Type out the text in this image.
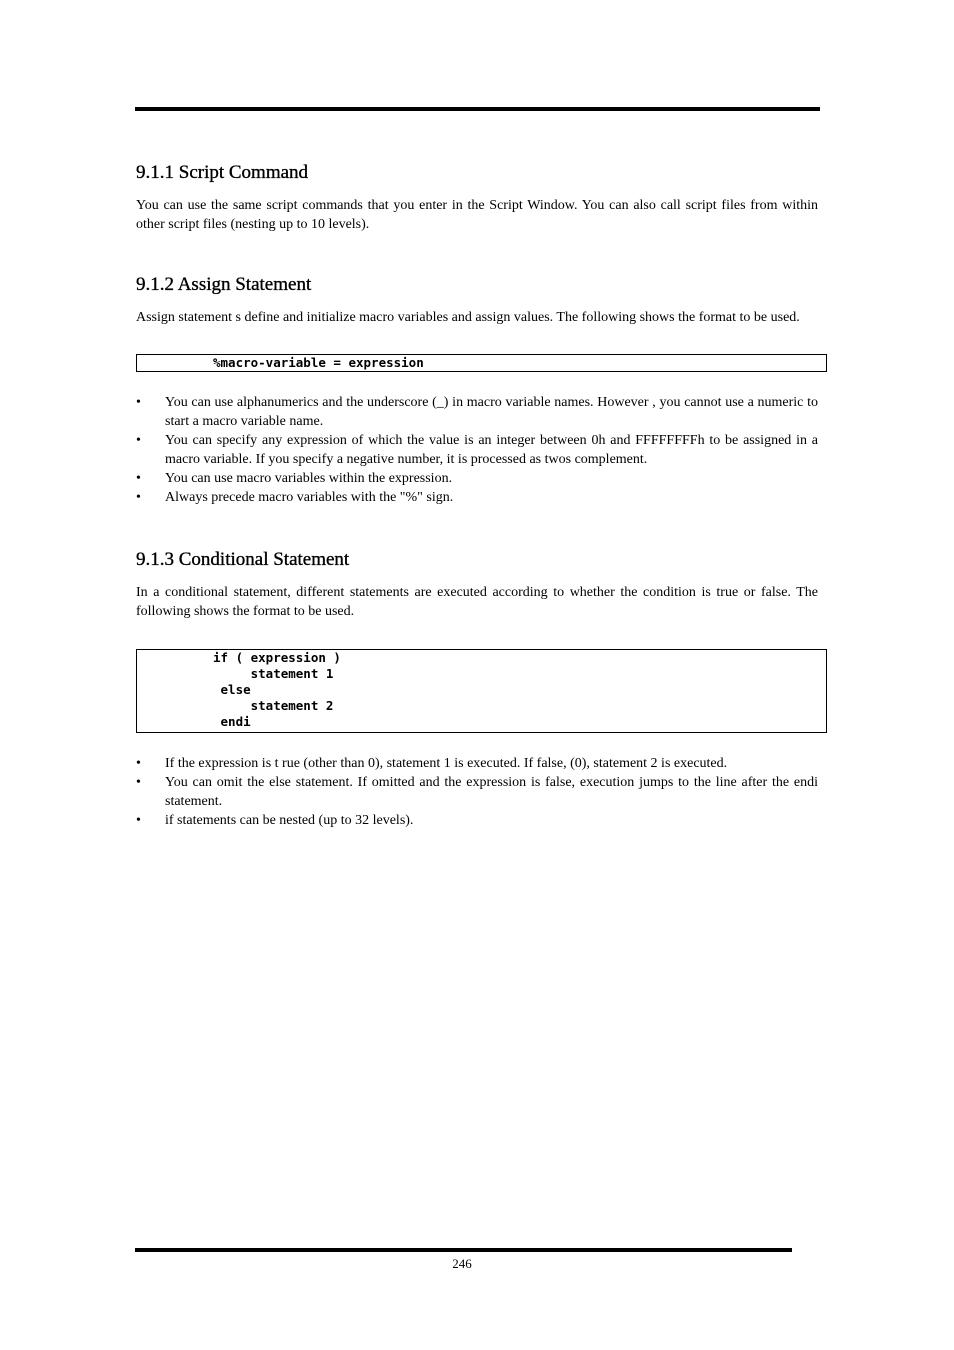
9.1.1 Script Command

You can use the same script commands that you enter in the Script Window. You can also call script files from within other script files (nesting up to 10 levels).

9.1.2 Assign Statement

Assign statement s define and initialize macro variables and assign values. The following shows the format to be used.

%macro-variable = expression
•	You can use alphanumerics and the underscore (_) in macro variable names. However , you cannot use a numeric to start a macro variable name.
•	You can specify any expression of which the value is an integer between 0h and FFFFFFFFh to be assigned in a macro variable. If you specify a negative number, it is processed as twos complement.
•	You can use macro variables within the expression.
•	Always precede macro variables with the "%" sign.
9.1.3 Conditional Statement

In a conditional statement, different statements are executed according to whether the condition is true or false. The following shows the format to be used.

if ( expression )
statement 1
else
statement 2
endi
•	If the expression is t rue (other than 0), statement 1 is executed. If false, (0), statement 2 is executed.
•	You can omit the else statement. If omitted and the expression is false, execution jumps to the line after the endi statement.
•	if statements can be nested (up to 32 levels).
246
